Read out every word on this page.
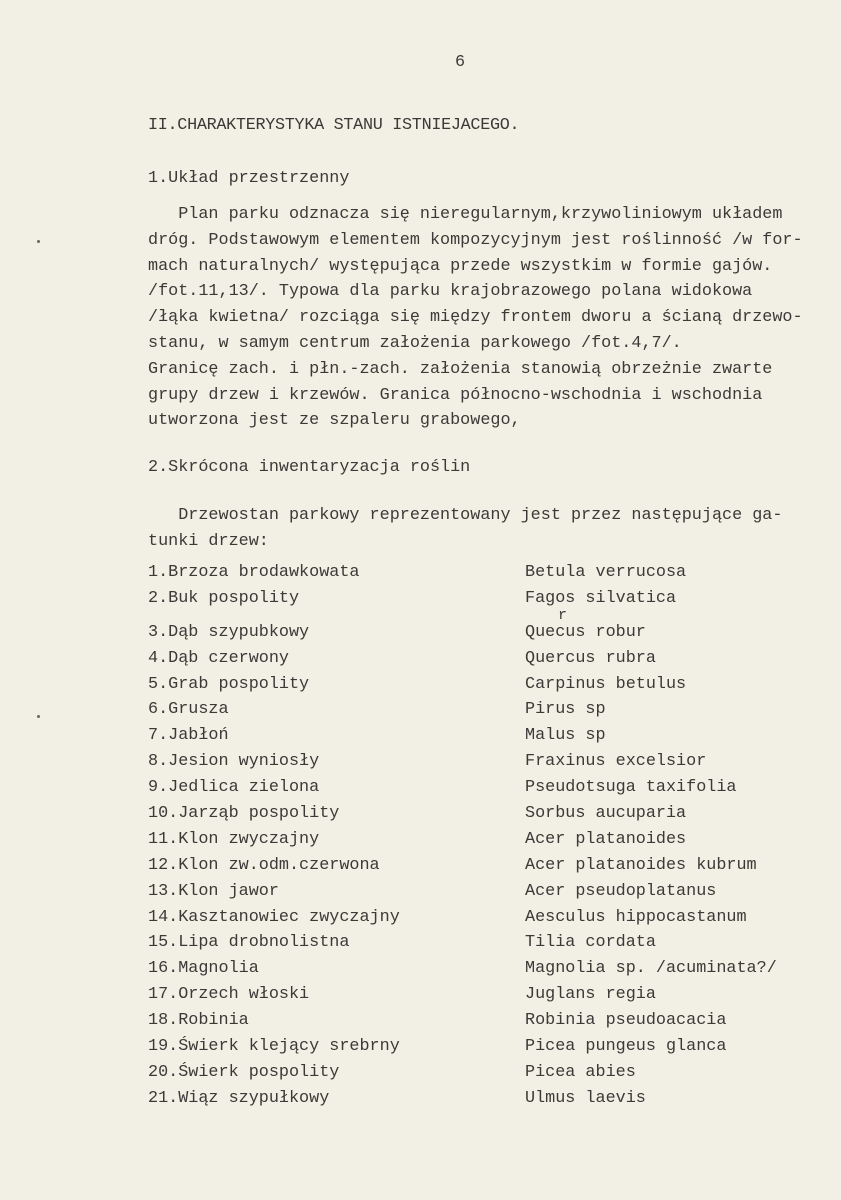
6
II.CHARAKTERYSTYKA STANU ISTNIEJACEGO.
1.Układ przestrzenny
Plan parku odznacza się nieregularnym,krzywoliniowym układem
dróg. Podstawowym elementem kompozycyjnym jest roślinność /w for-
mach naturalnych/ występująca przede wszystkim w formie gajów.
/fot.11,13/. Typowa dla parku krajobrazowego polana widokowa
/łąka kwietna/ rozciąga się między frontem dworu a ścianą drzewo-
stanu, w samym centrum założenia parkowego /fot.4,7/.
Granicę zach. i płn.-zach. założenia stanowią obrzeżnie zwarte
grupy drzew i krzewów. Granica północno-wschodnia i wschodnia
utworzona jest ze szpaleru grabowego,
2.Skrócona inwentaryzacja roślin
Drzewostan parkowy reprezentowany jest przez następujące ga-
tunki drzew:
1.Brzoza brodawkowata	Betula verrucosa
2.Buk pospolity	Fagos silvatica
3.Dąb szypubkowy	Quecus robur
r
4.Dąb czerwony	Quercus rubra
5.Grab pospolity	Carpinus betulus
6.Grusza	Pirus sp
7.Jabłoń	Malus sp
8.Jesion wyniosły	Fraxinus excelsior
9.Jedlica zielona	Pseudotsuga taxifolia
10.Jarząb pospolity	Sorbus aucuparia
11.Klon zwyczajny	Acer platanoides
12.Klon zw.odm.czerwona	Acer platanoides kubrum
13.Klon jawor	Acer pseudoplatanus
14.Kasztanowiec zwyczajny	Aesculus hippocastanum
15.Lipa drobnolistna	Tilia cordata
16.Magnolia	Magnolia sp. /acuminata?/
17.Orzech włoski	Juglans regia
18.Robinia	Robinia pseudoacacia
19.Świerk klejący srebrny	Picea pungeus glanca
20.Świerk pospolity	Picea abies
21.Wiąz szypułkowy	Ulmus laevis
